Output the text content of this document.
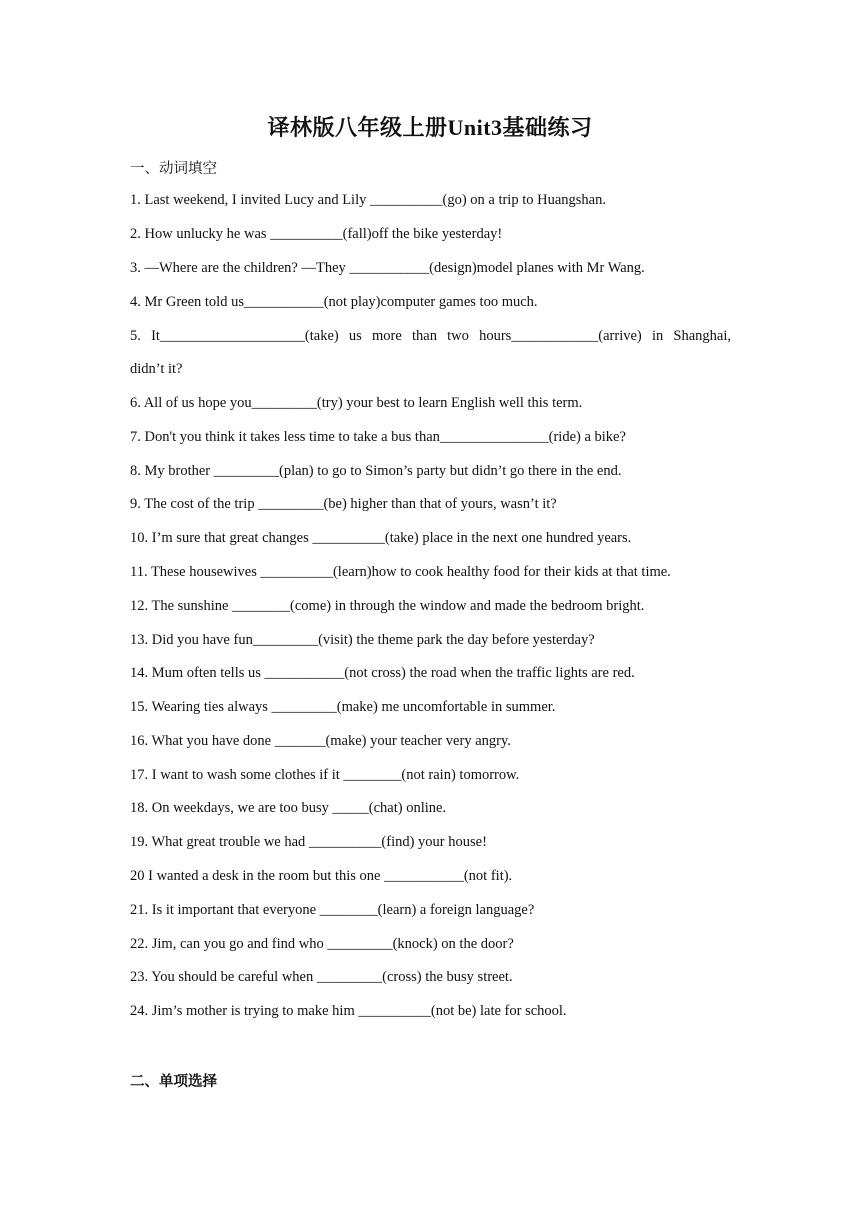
译林版八年级上册Unit3基础练习
一、动词填空
1. Last weekend, I invited Lucy and Lily __________(go) on a trip to Huangshan.
2. How unlucky he was __________(fall)off the bike yesterday!
3. —Where are the children? —They ___________(design)model planes with Mr Wang.
4. Mr Green told us___________(not play)computer games too much.
5. It____________________(take) us more than two hours____________(arrive) in Shanghai,
didn’t it?
6. All of us hope you_________(try) your best to learn English well this term.
7. Don't you think it takes less time to take a bus than_______________(ride) a bike?
8. My brother _________(plan) to go to Simon’s party but didn’t go there in the end.
9. The cost of the trip _________(be) higher than that of yours, wasn’t it?
10. I’m sure that great changes __________(take) place in the next one hundred years.
11. These housewives __________(learn)how to cook healthy food for their kids at that time.
12. The sunshine ________(come) in through the window and made the bedroom bright.
13. Did you have fun_________(visit) the theme park the day before yesterday?
14. Mum often tells us ___________(not cross) the road when the traffic lights are red.
15. Wearing ties always _________(make) me uncomfortable in summer.
16. What you have done _______(make) your teacher very angry.
17. I want to wash some clothes if it ________(not rain) tomorrow.
18. On weekdays, we are too busy _____(chat) online.
19. What great trouble we had __________(find) your house!
20 I wanted a desk in the room but this one ___________(not fit).
21. Is it important that everyone ________(learn) a foreign language?
22. Jim, can you go and find who _________(knock) on the door?
23. You should be careful when _________(cross) the busy street.
24. Jim’s mother is trying to make him __________(not be) late for school.
二、单项选择
